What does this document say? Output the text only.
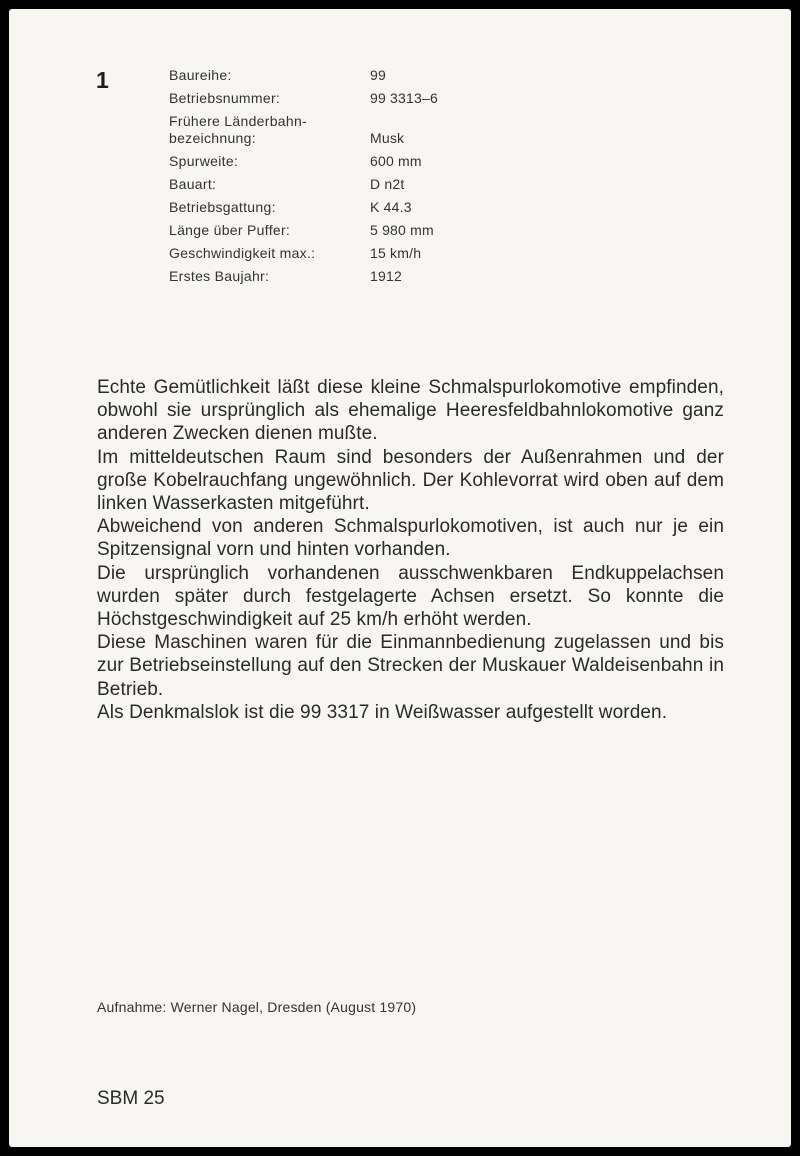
1	Baureihe:	99
Betriebsnummer:	99 3313–6
Frühere Länderbahn-
bezeichnung:	Musk
Spurweite:	600 mm
Bauart:	D n2t
Betriebsgattung:	K 44.3
Länge über Puffer:	5 980 mm
Geschwindigkeit max.:	15 km/h
Erstes Baujahr:	1912

Echte Gemütlichkeit läßt diese kleine Schmalspurlokomotive empfinden, obwohl sie ursprünglich als ehemalige Heeresfeldbahnlokomotive ganz anderen Zwecken dienen mußte.

Im mitteldeutschen Raum sind besonders der Außenrahmen und der große Kobelrauchfang ungewöhnlich. Der Kohlevorrat wird oben auf dem linken Wasserkasten mitgeführt.

Abweichend von anderen Schmalspurlokomotiven, ist auch nur je ein Spitzensignal vorn und hinten vorhanden.

Die ursprünglich vorhandenen ausschwenkbaren Endkuppelachsen wurden später durch festgelagerte Achsen ersetzt. So konnte die Höchstgeschwindigkeit auf 25 km/h erhöht werden.

Diese Maschinen waren für die Einmannbedienung zugelassen und bis zur Betriebseinstellung auf den Strecken der Muskauer Waldeisenbahn in Betrieb.

Als Denkmalslok ist die 99 3317 in Weißwasser aufgestellt worden.

Aufnahme: Werner Nagel, Dresden (August 1970)
SBM 25
